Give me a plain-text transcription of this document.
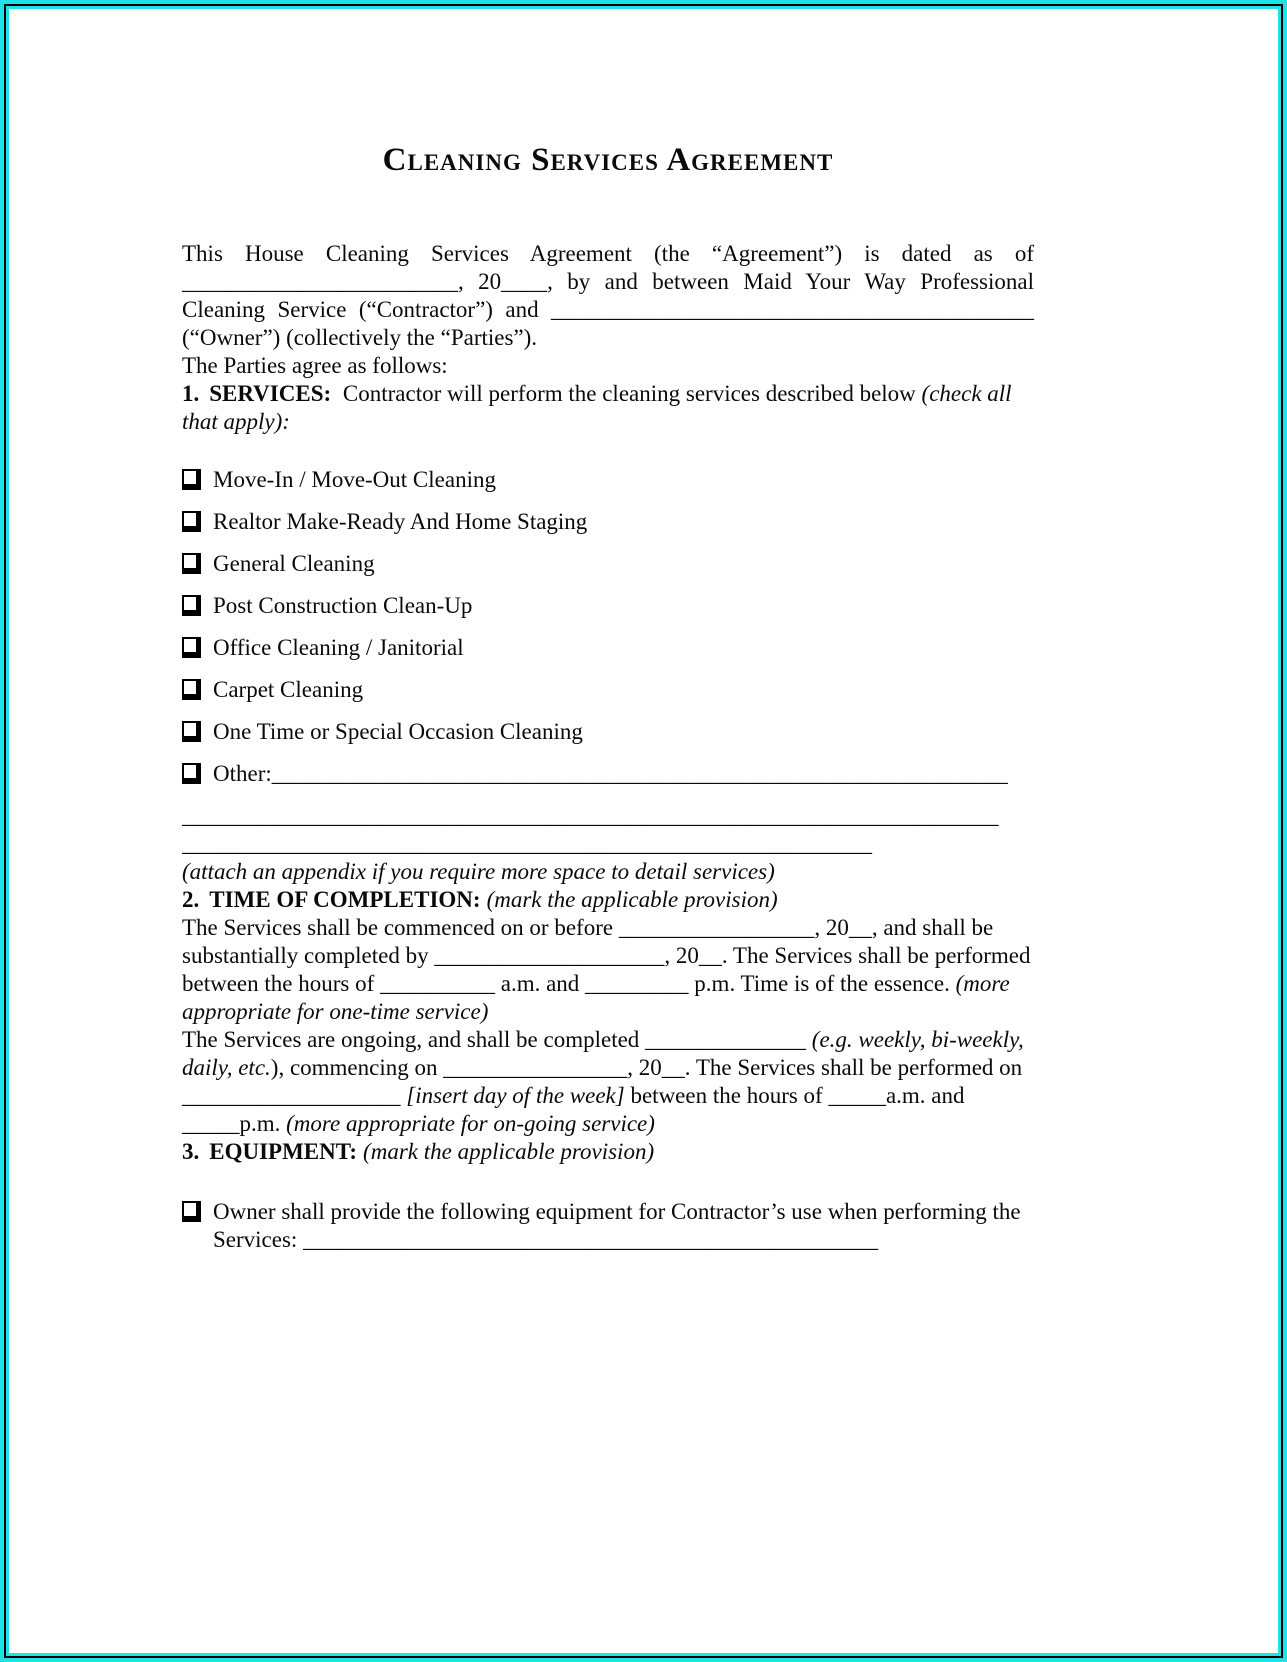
Cleaning Services Agreement

This House Cleaning Services Agreement (the “Agreement”) is dated as of ________________________, 20____, by and between Maid Your Way Professional Cleaning Service (“Contractor”) and __________________________________________ (“Owner”) (collectively the “Parties”).

The Parties agree as follows:

1. SERVICES: Contractor will perform the cleaning services described below (check all that apply):

Move-In / Move-Out Cleaning
Realtor Make-Ready And Home Staging
General Cleaning
Post Construction Clean-Up
Office Cleaning / Janitorial
Carpet Cleaning
One Time or Special Occasion Cleaning
Other:________________________________________________________________

_______________________________________________________________________

____________________________________________________________

(attach an appendix if you require more space to detail services)

2. TIME OF COMPLETION: (mark the applicable provision)

The Services shall be commenced on or before _________________, 20__, and shall be substantially completed by ____________________, 20__. The Services shall be performed between the hours of __________ a.m. and _________ p.m. Time is of the essence. (more appropriate for one-time service)

The Services are ongoing, and shall be completed ______________ (e.g. weekly, bi-weekly, daily, etc.), commencing on ________________, 20__. The Services shall be performed on ___________________ [insert day of the week] between the hours of _____a.m. and _____p.m. (more appropriate for on-going service)

3. EQUIPMENT: (mark the applicable provision)

Owner shall provide the following equipment for Contractor’s use when performing the Services: __________________________________________________
